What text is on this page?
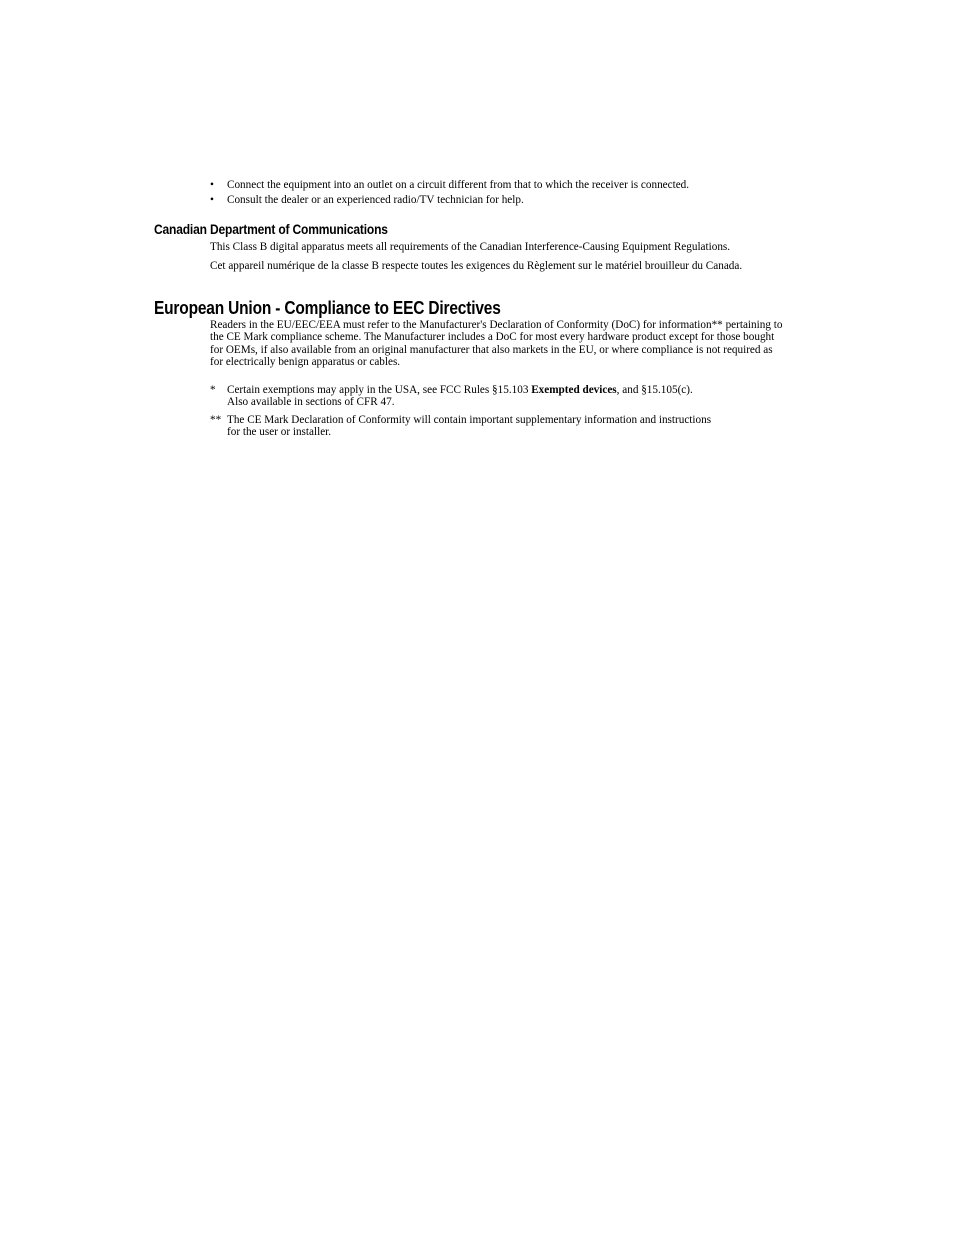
• Connect the equipment into an outlet on a circuit different from that to which the receiver is connected.
• Consult the dealer or an experienced radio/TV technician for help.
Canadian Department of Communications

This Class B digital apparatus meets all requirements of the Canadian Interference-Causing Equipment Regulations.

Cet appareil numérique de la classe B respecte toutes les exigences du Règlement sur le matériel brouilleur du Canada.

European Union - Compliance to EEC Directives

Readers in the EU/EEC/EEA must refer to the Manufacturer's Declaration of Conformity (DoC) for information** pertaining to the CE Mark compliance scheme. The Manufacturer includes a DoC for most every hardware product except for those bought for OEMs, if also available from an original manufacturer that also markets in the EU, or where compliance is not required as for electrically benign apparatus or cables.

* Certain exemptions may apply in the USA, see FCC Rules §15.103 Exempted devices, and §15.105(c).
Also available in sections of CFR 47.
** The CE Mark Declaration of Conformity will contain important supplementary information and instructions
for the user or installer.
